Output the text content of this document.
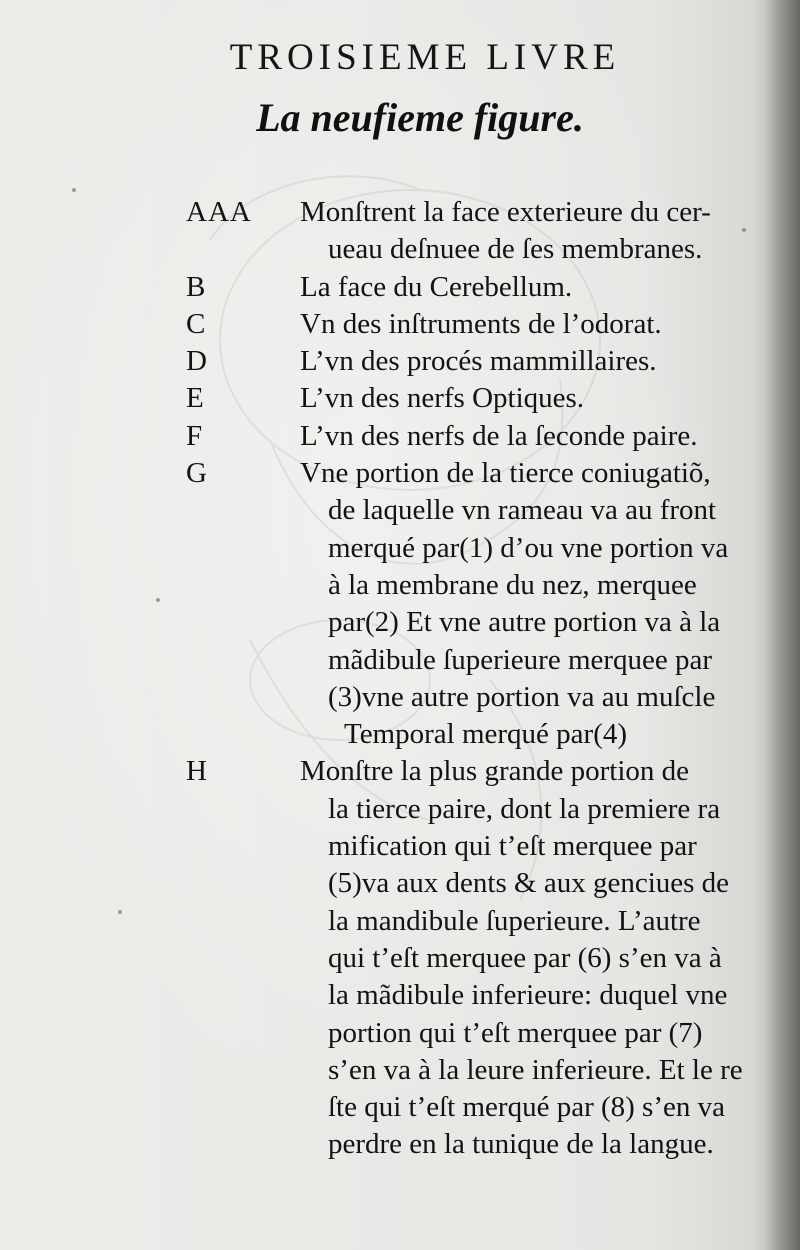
TROISIEME LIVRE
La neufieme figure.
AAA	Monſtrent la face exterieure du cer-
ueau deſnuee de ſes membranes.
B	La face du Cerebellum.
C	Vn des inſtruments de l’odorat.
D	L’vn des procés mammillaires.
E	L’vn des nerfs Optiques.
F	L’vn des nerfs de la ſeconde paire.
G	Vne portion de la tierce coniugatiõ,
de laquelle vn rameau va au front
merqué par(1) d’ou vne portion va
à la membrane du nez, merquee
par(2) Et vne autre portion va à la
mãdibule ſuperieure merquee par
(3)vne autre portion va au muſcle
Temporal merqué par(4)
H	Monſtre la plus grande portion de
la tierce paire, dont la premiere ra
mification qui t’eſt merquee par
(5)va aux dents & aux genciues de
la mandibule ſuperieure. L’autre
qui t’eſt merquee par (6) s’en va à
la mãdibule inferieure: duquel vne
portion qui t’eſt merquee par (7)
s’en va à la leure inferieure. Et le re
ſte qui t’eſt merqué par (8) s’en va
perdre en la tunique de la langue.
